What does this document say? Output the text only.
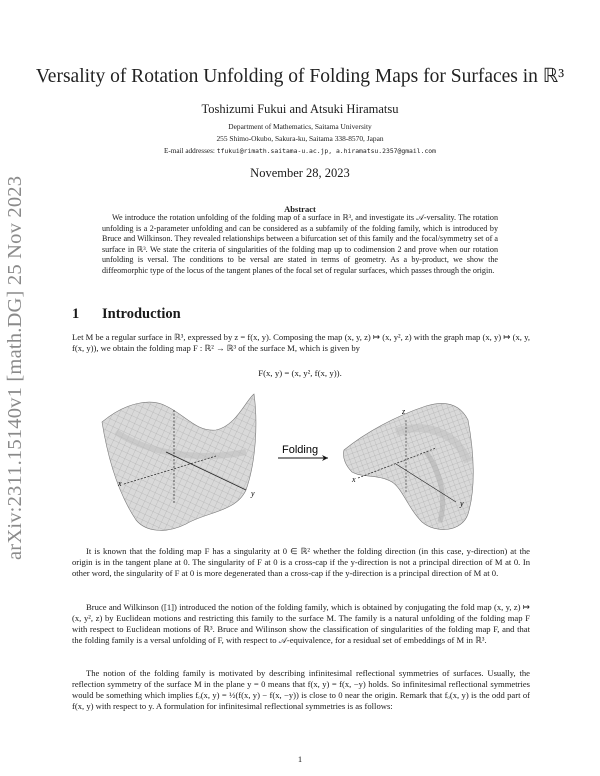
arXiv:2311.15140v1 [math.DG] 25 Nov 2023
Versality of Rotation Unfolding of Folding Maps for Surfaces in ℝ³
Toshizumi Fukui and Atsuki Hiramatsu
Department of Mathematics, Saitama University
255 Shimo-Okubo, Sakura-ku, Saitama 338-8570, Japan
E-mail addresses: tfukui@rimath.saitama-u.ac.jp, a.hiramatsu.2357@gmail.com
November 28, 2023
Abstract
We introduce the rotation unfolding of the folding map of a surface in ℝ³, and investigate its 𝒜-versality. The rotation unfolding is a 2-parameter unfolding and can be considered as a subfamily of the folding family, which is introduced by Bruce and Wilkinson. They revealed relationships between a bifurcation set of this family and the focal/symmetry set of a surface in ℝ³. We state the criteria of singularities of the folding map up to codimension 2 and prove when our rotation unfolding is versal. The conditions to be versal are stated in terms of geometry. As a by-product, we show the diffeomorphic type of the locus of the tangent planes of the focal set of regular surfaces, which passes through the origin.
1 Introduction
Let M be a regular surface in ℝ³, expressed by z = f(x, y). Composing the map (x, y, z) ↦ (x, y², z) with the graph map (x, y) ↦ (x, y, f(x, y)), we obtain the folding map F : ℝ² → ℝ³ of the surface M, which is given by
F(x, y) = (x, y², f(x, y)).
x
y
Folding
x
y
z
It is known that the folding map F has a singularity at 0 ∈ ℝ² whether the folding direction (in this case, y-direction) at the origin is in the tangent plane at 0. The singularity of F at 0 is a cross-cap if the y-direction is not a principal direction of M at 0. In other word, the singularity of F at 0 is more degenerated than a cross-cap if the y-direction is a principal direction of M at 0.
Bruce and Wilkinson ([1]) introduced the notion of the folding family, which is obtained by conjugating the fold map (x, y, z) ↦ (x, y², z) by Euclidean motions and restricting this family to the surface M. The family is a natural unfolding of the folding map F with respect to Euclidean motions of ℝ³. Bruce and Wilinson show the classification of singularities of the folding map F, and that the folding family is a versal unfolding of F, with respect to 𝒜-equivalence, for a residual set of embeddings of M in ℝ³.
The notion of the folding family is motivated by describing infinitesimal reflectional symmetries of surfaces. Usually, the reflection symmetry of the surface M in the plane y = 0 means that f(x, y) = f(x, −y) holds. So infinitesimal reflectional symmetries would be something which implies fₒ(x, y) = ½(f(x, y) − f(x, −y)) is close to 0 near the origin. Remark that fₒ(x, y) is the odd part of f(x, y) with respect to y. A formulation for infinitesimal reflectional symmetries is as follows:
1
